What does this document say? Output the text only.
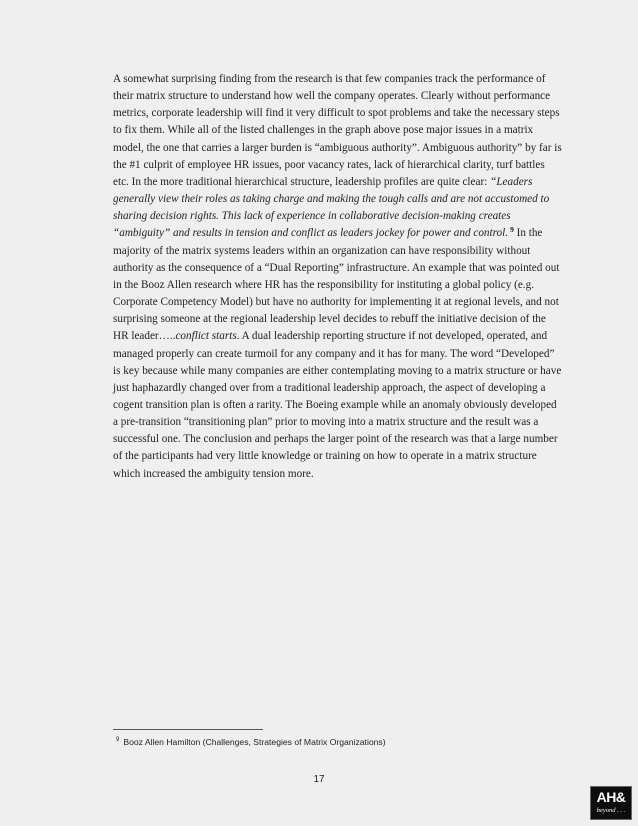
A somewhat surprising finding from the research is that few companies track the performance of their matrix structure to understand how well the company operates. Clearly without performance metrics, corporate leadership will find it very difficult to spot problems and take the necessary steps to fix them. While all of the listed challenges in the graph above pose major issues in a matrix model, the one that carries a larger burden is “ambiguous authority”. Ambiguous authority” by far is the #1 culprit of employee HR issues, poor vacancy rates, lack of hierarchical clarity, turf battles etc. In the more traditional hierarchical structure, leadership profiles are quite clear: “Leaders generally view their roles as taking charge and making the tough calls and are not accustomed to sharing decision rights. This lack of experience in collaborative decision-making creates “ambiguity” and results in tension and conflict as leaders jockey for power and control. $^9$ In the majority of the matrix systems leaders within an organization can have responsibility without authority as the consequence of a “Dual Reporting” infrastructure. An example that was pointed out in the Booz Allen research where HR has the responsibility for instituting a global policy (e.g. Corporate Competency Model) but have no authority for implementing it at regional levels, and not surprising someone at the regional leadership level decides to rebuff the initiative decision of the HR leader…..conflict starts. A dual leadership reporting structure if not developed, operated, and managed properly can create turmoil for any company and it has for many. The word “Developed” is key because while many companies are either contemplating moving to a matrix structure or have just haphazardly changed over from a traditional leadership approach, the aspect of developing a cogent transition plan is often a rarity. The Boeing example while an anomaly obviously developed a pre-transition “transitioning plan” prior to moving into a matrix structure and the result was a successful one. The conclusion and perhaps the larger point of the research was that a large number of the participants had very little knowledge or training on how to operate in a matrix structure which increased the ambiguity tension more.

$^9$ Booz Allen Hamilton (Challenges, Strategies of Matrix Organizations)
17
AH&
beyond . . .
